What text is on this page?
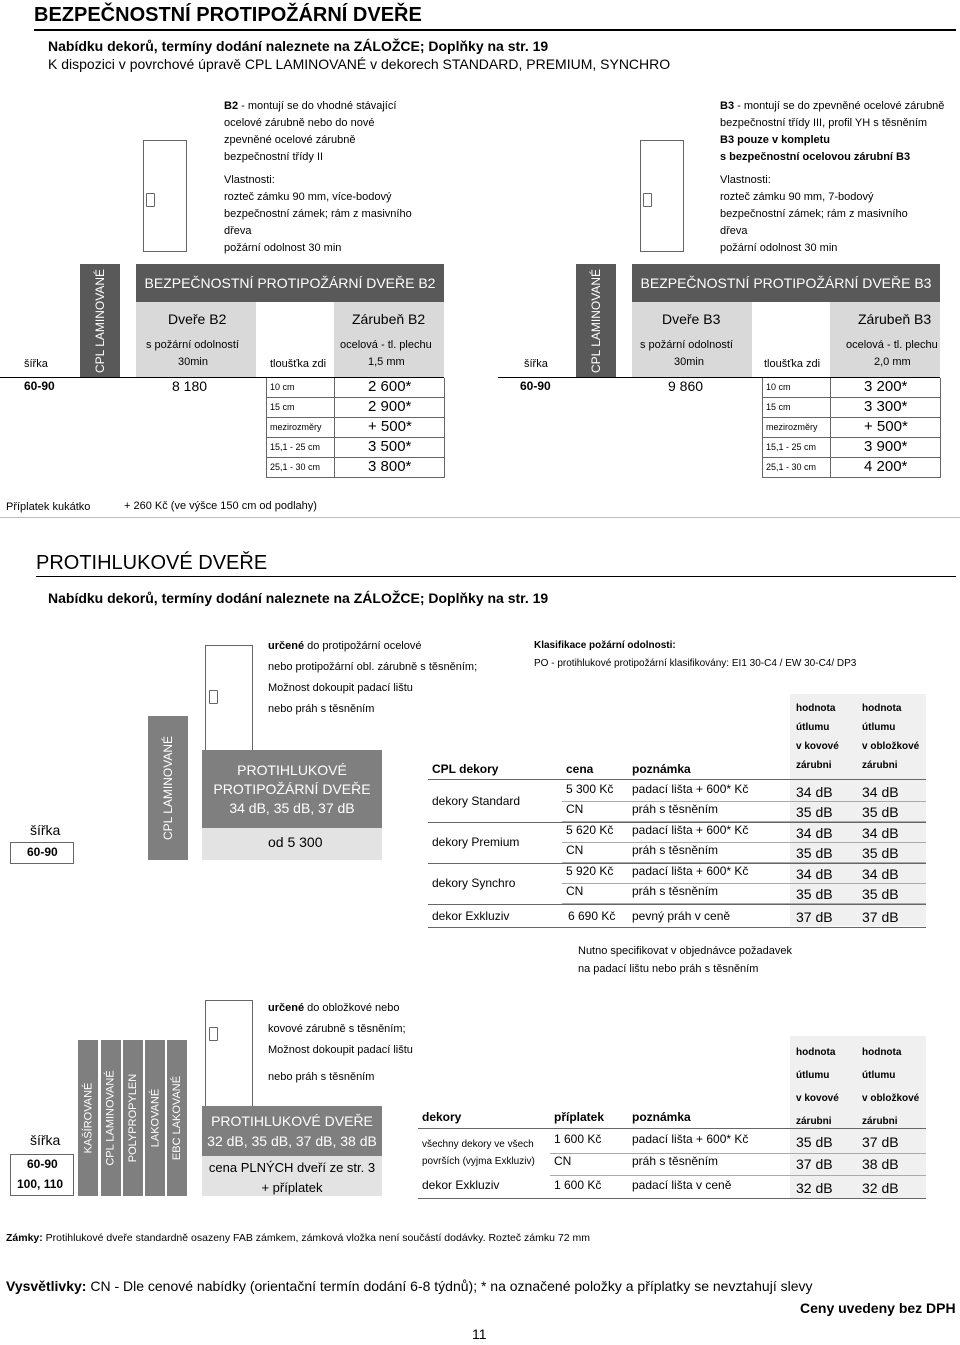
BEZPEČNOSTNÍ PROTIPOŽÁRNÍ DVEŘE
Nabídku dekorů, termíny dodání naleznete na ZÁLOŽCE; Doplňky na str. 19
K dispozici v povrchové úpravě CPL LAMINOVANÉ v dekorech STANDARD, PREMIUM, SYNCHRO
B2 - montují se do vhodné stávající
ocelové zárubně nebo do nové
zpevněné ocelové zárubně
bezpečnostní třídy II
Vlastnosti:
rozteč zámku 90 mm, více-bodový
bezpečnostní zámek; rám z masivního
dřeva
požární odolnost 30 min
CPL LAMINOVANÉ	BEZPEČNOSTNÍ PROTIPOŽÁRNÍ DVEŘE B2
Dveře B2	Zárubeň B2
s požární odolností
30min
ocelová - tl. plechu
1,5 mm
tloušťka zdi
šířka
60-90	8 180	10 cm	2 600*
15 cm	2 900*
mezirozměry	+ 500*
15,1 - 25 cm	3 500*
25,1 - 30 cm	3 800*
B3 - montují se do zpevněné ocelové zárubně
bezpečnostní třídy III, profil YH s těsněním
B3 pouze v kompletu
s bezpečnostní ocelovou zárubní B3
Vlastnosti:
rozteč zámku 90 mm, 7-bodový
bezpečnostní zámek; rám z masivního
dřeva
požární odolnost 30 min
CPL LAMINOVANÉ	BEZPEČNOSTNÍ PROTIPOŽÁRNÍ DVEŘE B3
Dveře B3	Zárubeň B3
s požární odolností
30min
ocelová - tl. plechu
2,0 mm
tloušťka zdi
šířka
60-90	9 860	10 cm	3 200*
15 cm	3 300*
mezirozměry	+ 500*
15,1 - 25 cm	3 900*
25,1 - 30 cm	4 200*
Příplatek kukátko	+ 260 Kč (ve výšce 150 cm od podlahy)
PROTIHLUKOVÉ DVEŘE
Nabídku dekorů, termíny dodání naleznete na ZÁLOŽCE; Doplňky na str. 19
určené do protipožární ocelové
nebo protipožární obl. zárubně s těsněním;
Možnost dokoupit padací lištu
nebo práh s těsněním
Klasifikace požární odolnosti:
PO - protihlukové protipožární klasifikovány: EI1 30-C4 / EW 30-C4/ DP3
CPL LAMINOVANÉ	PROTIHLUKOVÉ
PROTIPOŽÁRNÍ DVEŘE
34 dB, 35 dB, 37 dB
od 5 300
šířka
60-90
hodnota
útlumu
v kovové
zárubni
hodnota
útlumu
v obložkové
zárubni
CPL dekory	cena	poznámka
dekory Standard
5 300 Kč padací lišta + 600* Kč	34 dB 34 dB
CN	práh s těsněním	35 dB 35 dB
dekory Premium
5 620 Kč padací lišta + 600* Kč	34 dB 34 dB
CN	práh s těsněním	35 dB 35 dB
dekory Synchro
5 920 Kč padací lišta + 600* Kč	34 dB 34 dB
CN	práh s těsněním	35 dB 35 dB
dekor Exkluziv	6 690 Kč pevný práh v ceně	37 dB 37 dB
Nutno specifikovat v objednávce požadavek
na padací lištu nebo práh s těsněním
určené do obložkové nebo
kovové zárubně s těsněním;
Možnost dokoupit padací lištu
nebo práh s těsněním
KAŠÍROVANÉ CPL LAMINOVANÉ POLYPROPYLEN LAKOVANÉ EBC LAKOVANÉ PROTIHLUKOVÉ DVEŘE
32 dB, 35 dB, 37 dB, 38 dB
cena PLNÝCH dveří ze str. 3
+ příplatek
šířka
60-90
100, 110
hodnota
útlumu
v kovové
zárubni
hodnota
útlumu
v obložkové
zárubni
dekory	příplatek poznámka
všechny dekory ve všech
površích (vyjma Exkluziv)
1 600 Kč	padací lišta + 600* Kč	35 dB 37 dB
CN	práh s těsněním	37 dB 38 dB
dekor Exkluziv	1 600 Kč	padací lišta v ceně	32 dB 32 dB
Zámky: Protihlukové dveře standardně osazeny FAB zámkem, zámková vložka není součástí dodávky. Rozteč zámku 72 mm
Vysvětlivky: CN - Dle cenové nabídky (orientační termín dodání 6-8 týdnů); * na označené položky a příplatky se nevztahují slevy
Ceny uvedeny bez DPH
11
